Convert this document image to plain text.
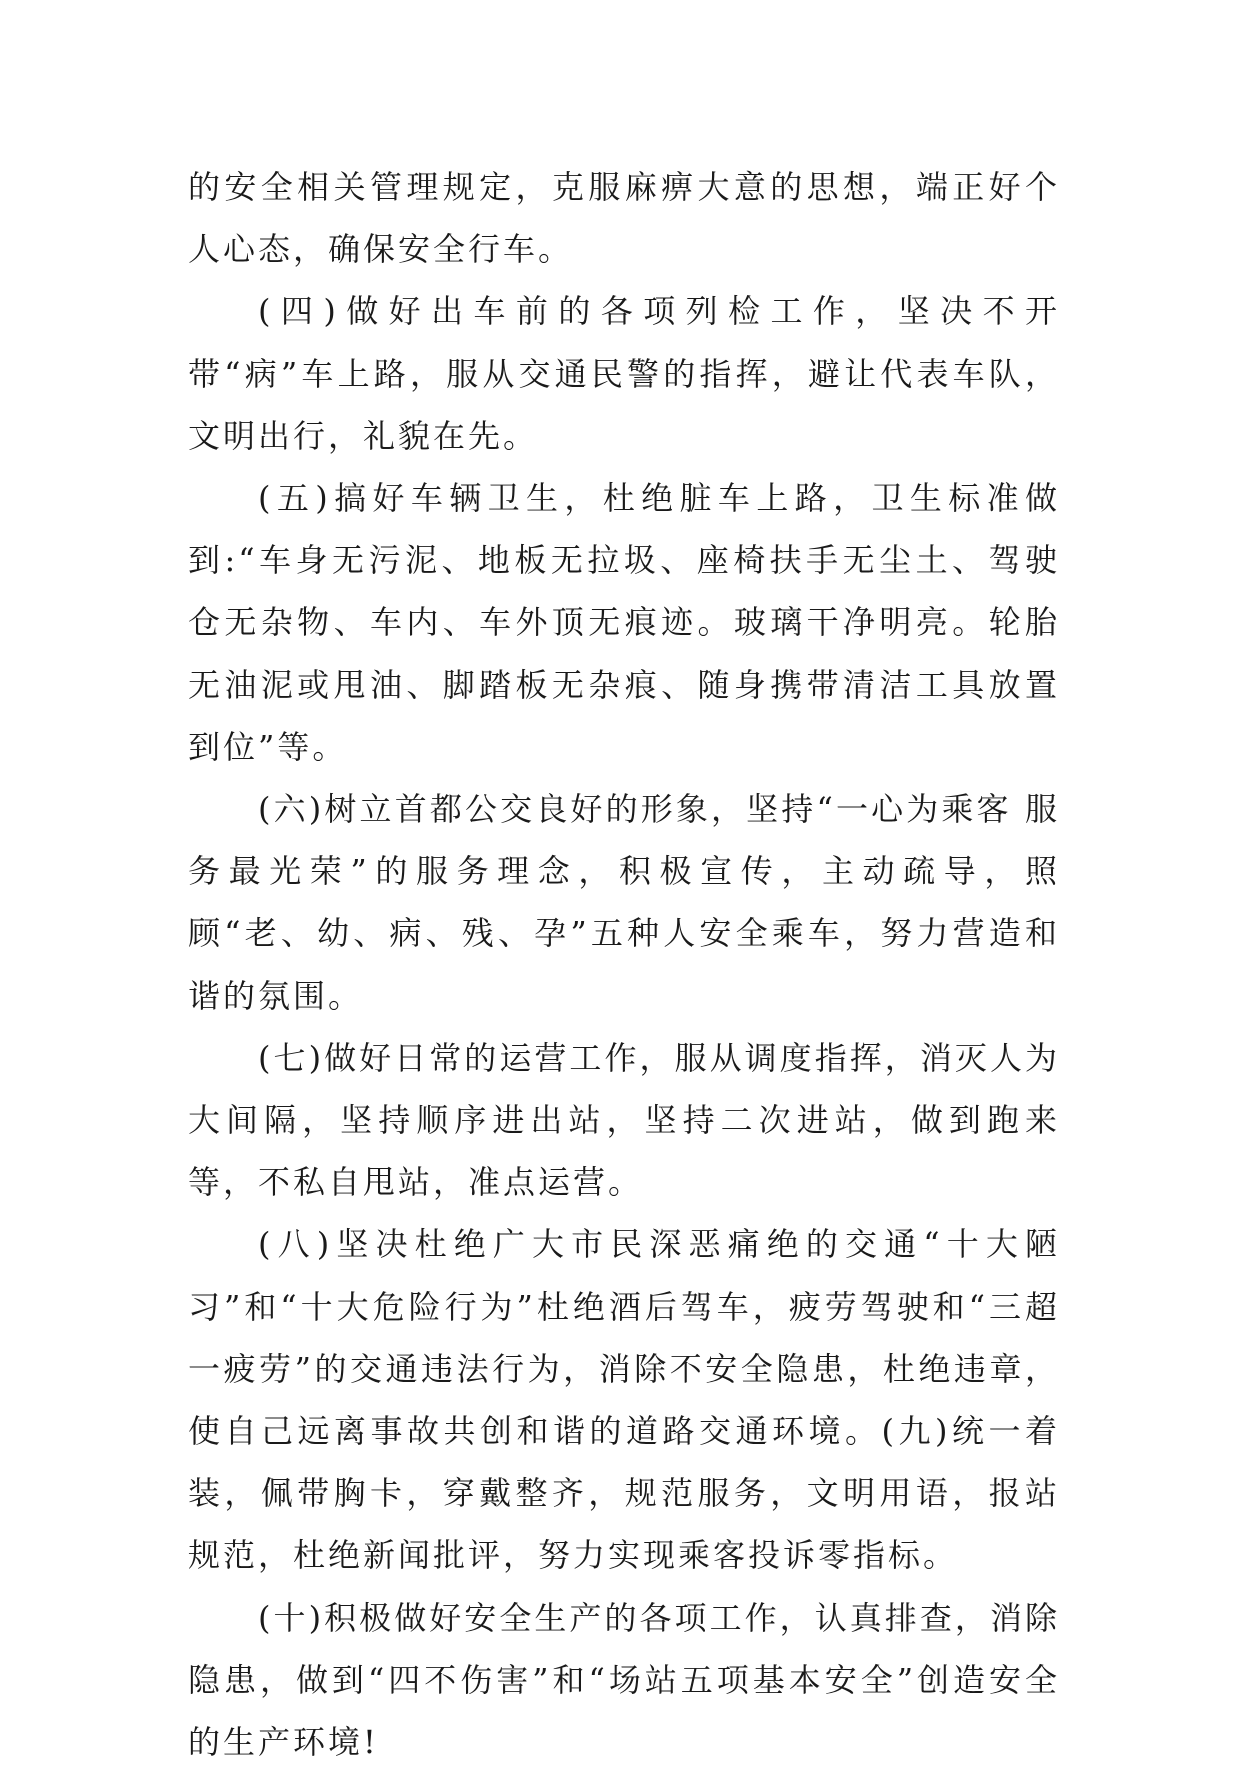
的安全相关管理规定，克服麻痹大意的思想，端正好个人心态，确保安全行车。

(四)做好出车前的各项列检工作，坚决不开带“病”车上路，服从交通民警的指挥，避让代表车队，文明出行，礼貌在先。

(五)搞好车辆卫生，杜绝脏车上路，卫生标准做到:“车身无污泥、地板无拉圾、座椅扶手无尘土、驾驶仓无杂物、车内、车外顶无痕迹。玻璃干净明亮。轮胎无油泥或甩油、脚踏板无杂痕、随身携带清洁工具放置到位”等。

(六)树立首都公交良好的形象，坚持“一心为乘客 服务最光荣”的服务理念，积极宣传，主动疏导，照顾“老、幼、病、残、孕”五种人安全乘车，努力营造和谐的氛围。

(七)做好日常的运营工作，服从调度指挥，消灭人为大间隔，坚持顺序进出站，坚持二次进站，做到跑来等，不私自甩站，准点运营。

(八)坚决杜绝广大市民深恶痛绝的交通“十大陋习”和“十大危险行为”杜绝酒后驾车，疲劳驾驶和“三超一疲劳”的交通违法行为，消除不安全隐患，杜绝违章，使自己远离事故共创和谐的道路交通环境。(九)统一着装，佩带胸卡，穿戴整齐，规范服务，文明用语，报站规范，杜绝新闻批评，努力实现乘客投诉零指标。

(十)积极做好安全生产的各项工作，认真排查，消除隐患，做到“四不伤害”和“场站五项基本安全”创造安全的生产环境!
